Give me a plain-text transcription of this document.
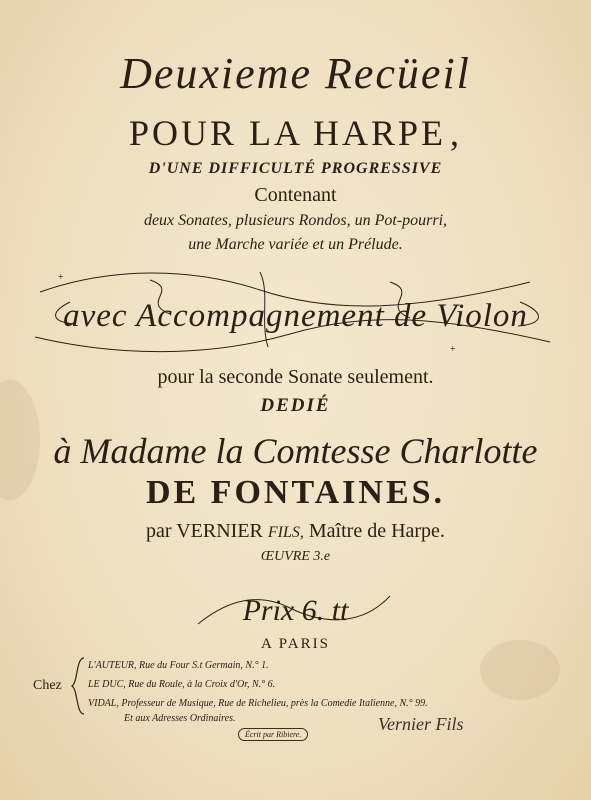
Deuxieme Recüeil
POUR LA HARPE ,
D'UNE DIFFICULTÉ PROGRESSIVE
Contenant
deux Sonates, plusieurs Rondos, un Pot-pourri,
une Marche variée et un Prélude.
+
+
avec Accompagnement de Violon
pour la seconde Sonate seulement.
DEDIÉ
à Madame la Comtesse Charlotte
DE FONTAINES.
par VERNIER FILS, Maître de Harpe.
ŒUVRE 3.e
Prix 6. tt
A PARIS
Chez
L'AUTEUR, Rue du Four S.t Germain, N.° 1.
LE DUC, Rue du Roule, à la Croix d'Or, N.° 6.
VIDAL, Professeur de Musique, Rue de Richelieu, près la Comedie Italienne, N.° 99.
Et aux Adresses Ordinaires.
Écrit par Ribiere.
Vernier Fils
